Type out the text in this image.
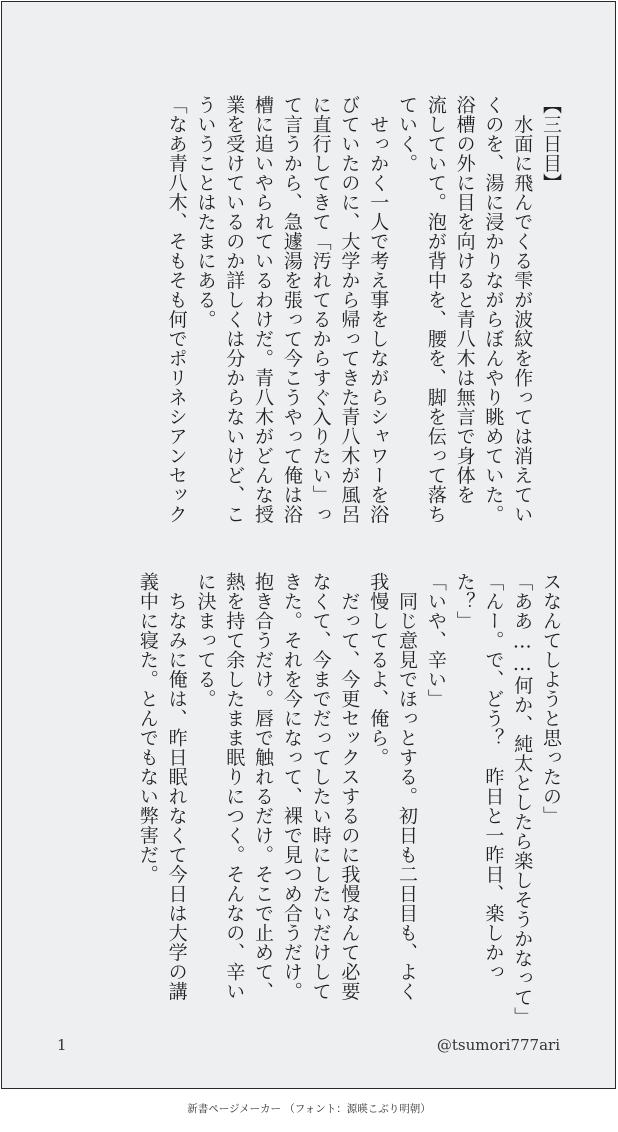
【三日目】
　水面に飛んでくる雫が波紋を作っては消えてい
くのを、湯に浸かりながらぼんやり眺めていた。
浴槽の外に目を向けると青八木は無言で身体を
流していて。泡が背中を、腰を、脚を伝って落ち
ていく。
　せっかく一人で考え事をしながらシャワーを浴
びていたのに、大学から帰ってきた青八木が風呂
に直行してきて「汚れてるからすぐ入りたい」っ
て言うから、急遽湯を張って今こうやって俺は浴
槽に追いやられているわけだ。青八木がどんな授
業を受けているのか詳しくは分からないけど、こ
ういうことはたまにある。
「なあ青八木、そもそも何でポリネシアンセック
スなんてしようと思ったの」
「ああ……何か、純太としたら楽しそうかなって」
「んー。で、どう？　昨日と一昨日、楽しかっ
た？」
「いや、辛い」
　同じ意見でほっとする。初日も二日目も、よく
我慢してるよ、俺ら。
　だって、今更セックスするのに我慢なんて必要
なくて、今までだってしたい時にしたいだけして
きた。それを今になって、裸で見つめ合うだけ。
抱き合うだけ。唇で触れるだけ。そこで止めて、
熱を持て余したまま眠りにつく。そんなの、辛い
に決まってる。
　ちなみに俺は、昨日眠れなくて今日は大学の講
義中に寝た。とんでもない弊害だ。
1	@tsumori777ari
新書ページメーカー （フォント：源暎こぶり明朝）
